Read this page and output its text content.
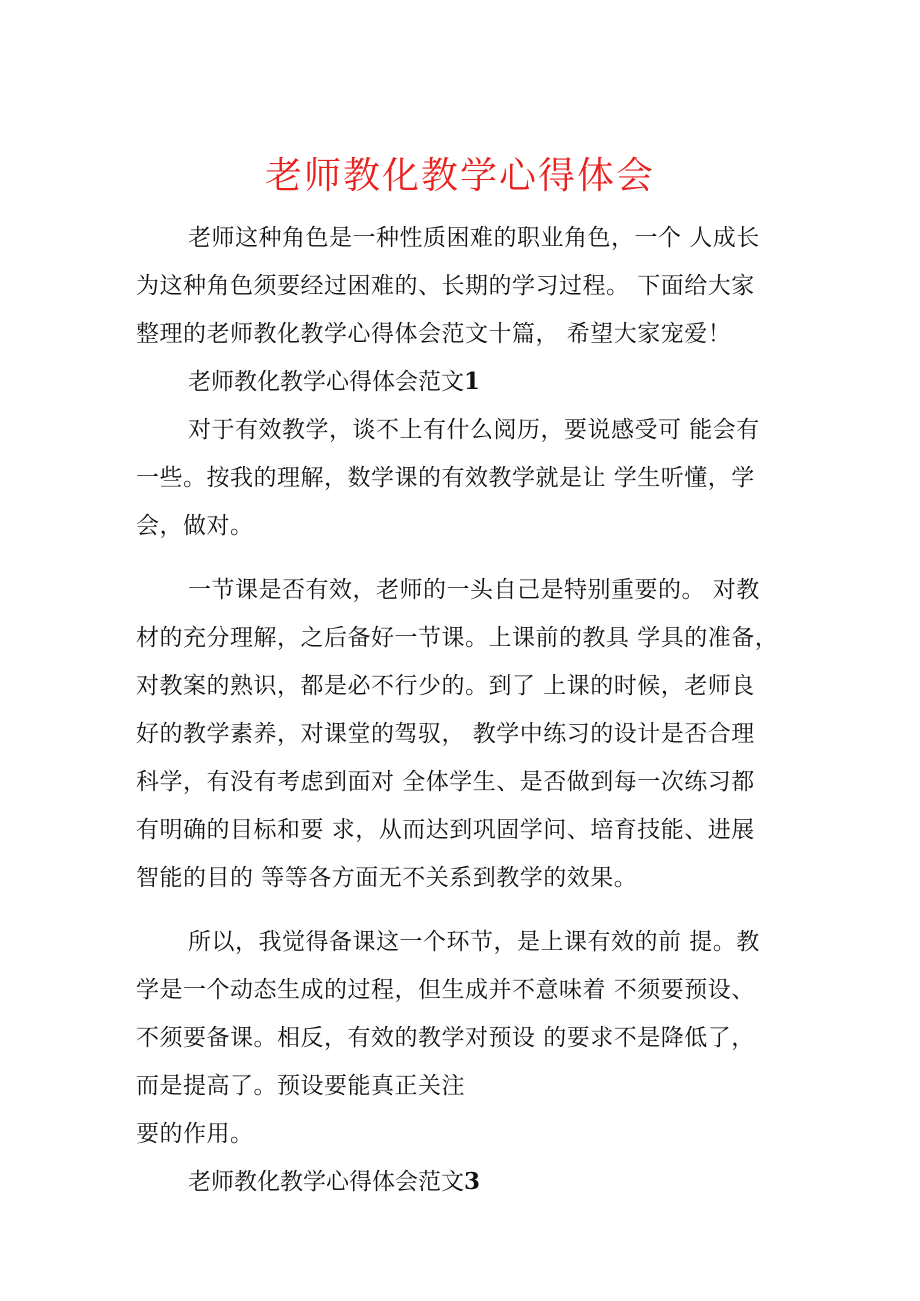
老师教化教学心得体会
老师这种角色是一种性质困难的职业角色，一个 人成长
为这种角色须要经过困难的、长期的学习过程。 下面给大家
整理的老师教化教学心得体会范文十篇， 希望大家宠爱！
老师教化教学心得体会范文1
对于有效教学，谈不上有什么阅历，要说感受可 能会有
一些。按我的理解，数学课的有效教学就是让 学生听懂，学
会，做对。
一节课是否有效，老师的一头自己是特别重要的。 对教
材的充分理解，之后备好一节课。上课前的教具 学具的准备，
对教案的熟识，都是必不行少的。到了 上课的时候，老师良
好的教学素养，对课堂的驾驭， 教学中练习的设计是否合理
科学，有没有考虑到面对 全体学生、是否做到每一次练习都
有明确的目标和要 求，从而达到巩固学问、培育技能、进展
智能的目的 等等各方面无不关系到教学的效果。
所以，我觉得备课这一个环节，是上课有效的前 提。教
学是一个动态生成的过程，但生成并不意味着 不须要预设、
不须要备课。相反，有效的教学对预设 的要求不是降低了，
而是提高了。预设要能真正关注
要的作用。
老师教化教学心得体会范文3
